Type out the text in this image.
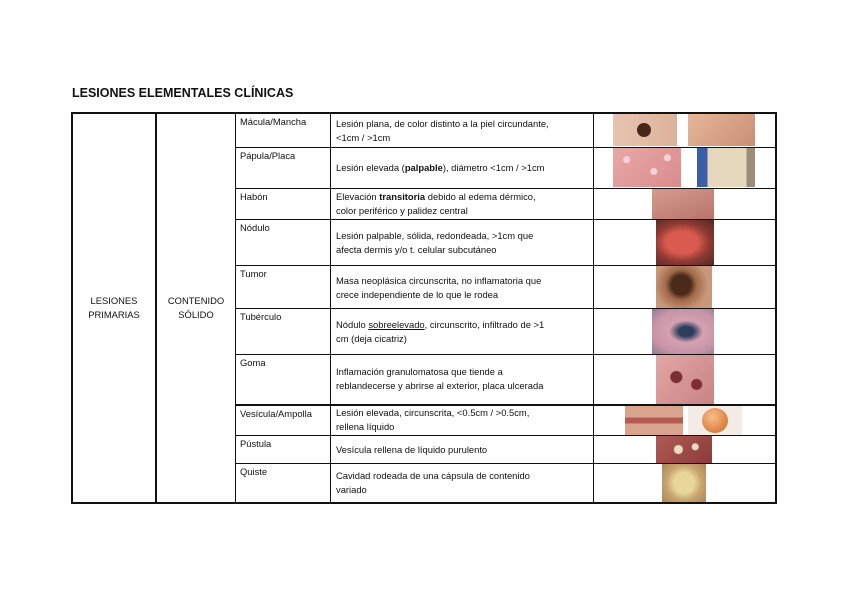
LESIONES ELEMENTALES CLÍNICAS
LESIONES
PRIMARIAS
CONTENIDO
SÓLIDO
Mácula/Mancha
Pápula/Placa
Habón
Nódulo
Tumor
Tubérculo
Goma
Vesícula/Ampolla
Pústula
Quiste
Lesión plana, de color distinto a la piel circundante,
<1cm / >1cm
Lesión elevada (palpable), diámetro <1cm / >1cm
Elevación transitoria debido al edema dérmico,
color periférico y palidez central
Lesión palpable, sólida, redondeada, >1cm que
afecta dermis y/o t. celular subcutáneo
Masa neoplásica circunscrita, no inflamatoria que
crece independiente de lo que le rodea
Nódulo sobreelevado, circunscrito, infiltrado de >1
cm (deja cicatriz)
Inflamación granulomatosa que tiende a
reblandecerse y abrirse al exterior, placa ulcerada
Lesión elevada, circunscrita, <0.5cm / >0.5cm,
rellena líquido
Vesícula rellena de líquido purulento
Cavidad rodeada de una cápsula de contenido
variado
